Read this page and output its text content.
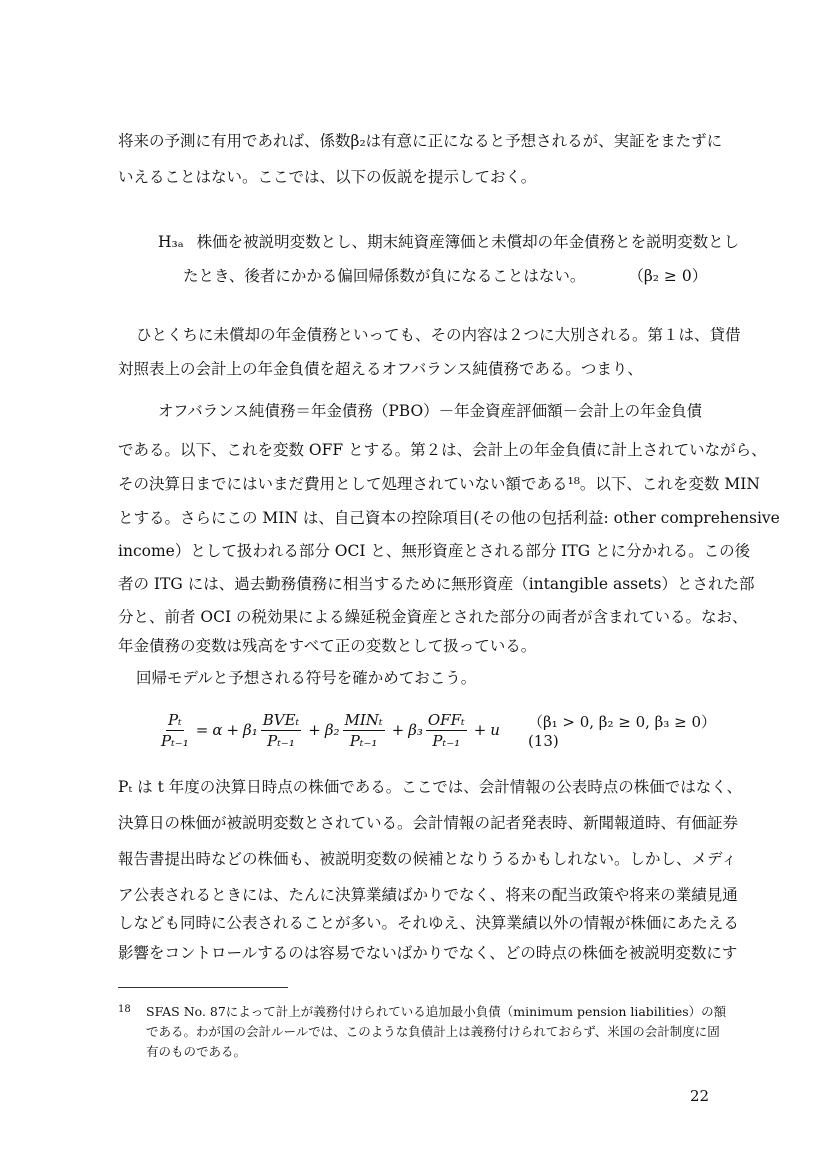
将来の予測に有用であれば、係数β₂は有意に正になると予想されるが、実証をまたずに
いえることはない。ここでは、以下の仮説を提示しておく。
H₃ₐ 株価を被説明変数とし、期末純資産簿価と未償却の年金債務とを説明変数とし
たとき、後者にかかる偏回帰係数が負になることはない。	（β₂ ≥ 0）
ひとくちに未償却の年金債務といっても、その内容は２つに大別される。第１は、貸借
対照表上の会計上の年金負債を超えるオフバランス純債務である。つまり、
オフバランス純債務＝年金債務（PBO）－年金資産評価額－会計上の年金負債
である。以下、これを変数 OFF とする。第２は、会計上の年金負債に計上されていながら、
その決算日までにはいまだ費用として処理されていない額である¹⁸。以下、これを変数 MIN
とする。さらにこの MIN は、自己資本の控除項目(その他の包括利益: other comprehensive
income）として扱われる部分 OCI と、無形資産とされる部分 ITG とに分かれる。この後
者の ITG には、過去勤務債務に相当するために無形資産（intangible assets）とされた部
分と、前者 OCI の税効果による繰延税金資産とされた部分の両者が含まれている。なお、
年金債務の変数は残高をすべて正の変数として扱っている。
回帰モデルと予想される符号を確かめておこう。
$\frac{\text{Pₜ}}{\text{Pₜ₋₁}} = \alpha + \beta_1 \frac{\text{BVEₜ}}{\text{Pₜ₋₁}} + \beta_2 \frac{\text{MINₜ}}{\text{Pₜ₋₁}} + \beta_3 \frac{\text{OFFₜ}}{\text{Pₜ₋₁}} + u$ （β₁ > 0, β₂ ≥ 0, β₃ ≥ 0）(13)
Pₜ は t 年度の決算日時点の株価である。ここでは、会計情報の公表時点の株価ではなく、
決算日の株価が被説明変数とされている。会計情報の記者発表時、新聞報道時、有価証券
報告書提出時などの株価も、被説明変数の候補となりうるかもしれない。しかし、メディ
ア公表されるときには、たんに決算業績ばかりでなく、将来の配当政策や将来の業績見通
しなども同時に公表されることが多い。それゆえ、決算業績以外の情報が株価にあたえる
影響をコントロールするのは容易でないばかりでなく、どの時点の株価を被説明変数にす
18 SFAS No. 87によって計上が義務付けられている追加最小負債（minimum pension liabilities）の額
である。わが国の会計ルールでは、このような負債計上は義務付けられておらず、米国の会計制度に固
有のものである。
22
